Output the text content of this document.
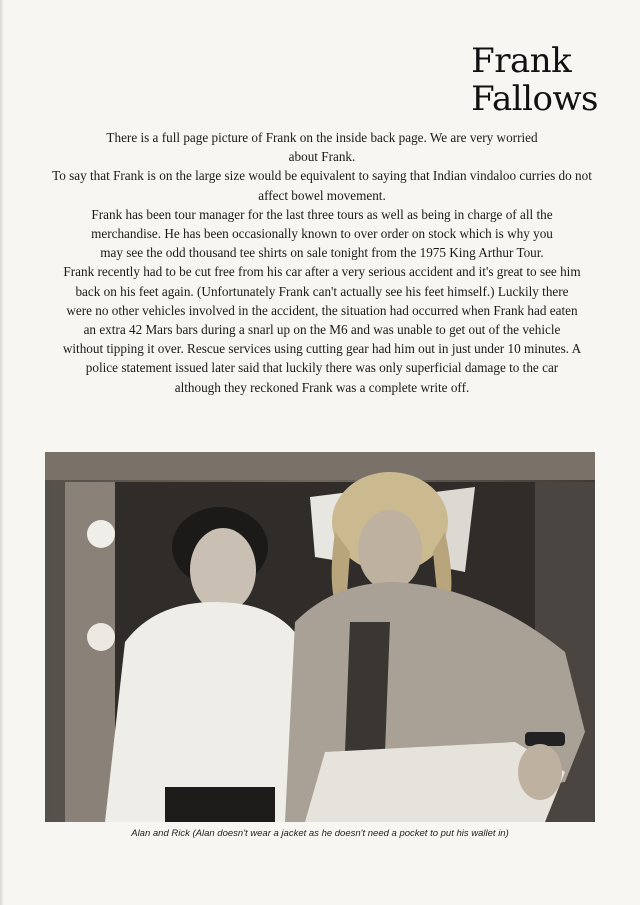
Frank
Fallows

There is a full page picture of Frank on the inside back page. We are very worried about Frank.

To say that Frank is on the large size would be equivalent to saying that Indian vindaloo curries do not affect bowel movement.

Frank has been tour manager for the last three tours as well as being in charge of all the merchandise. He has been occasionally known to over order on stock which is why you may see the odd thousand tee shirts on sale tonight from the 1975 King Arthur Tour.

Frank recently had to be cut free from his car after a very serious accident and it's great to see him back on his feet again. (Unfortunately Frank can't actually see his feet himself.) Luckily there were no other vehicles involved in the accident, the situation had occurred when Frank had eaten an extra 42 Mars bars during a snarl up on the M6 and was unable to get out of the vehicle without tipping it over. Rescue services using cutting gear had him out in just under 10 minutes. A police statement issued later said that luckily there was only superficial damage to the car although they reckoned Frank was a complete write off.

Alan and Rick (Alan doesn't wear a jacket as he doesn't need a pocket to put his wallet in)
